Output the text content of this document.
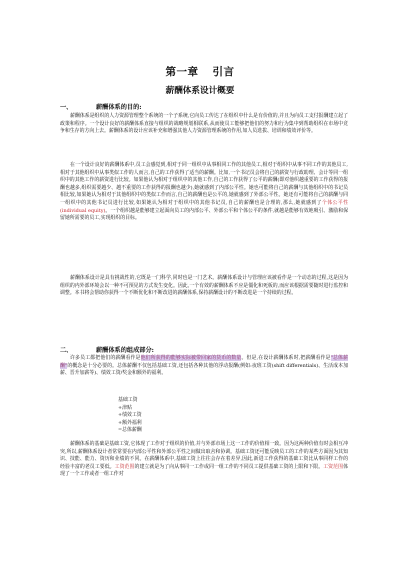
第一章 引言
薪酬体系设计概要
一、	薪酬体系的目的:

薪酬体系是组织的人力资源管理整个系统的一个子系统,它向员工传达了在组织中什么是有价值的,并且为向员工支付报酬建立起了政策和程序。一个设计良好的薪酬体系直接与组织的战略规划相联系,从而使员工能够把他们的努力和行为集中到帮助组织在市场中竞争和生存的方向上去。薪酬体系的设计应该补充和增强其他人力资源管理系统的作用,如人员选拔、培训和绩效评价等。

在一个设计良好的薪酬体系中,员工会感觉到,相对于同一组织中从事相同工作的其他员工,相对于组织中从事不同工作的其他员工,相对于其他组织中从事类似工作的人而言,自己的工作获得了适当的薪酬。比如,一个书记员会将自己的薪资与行政助理、会计等同一组织中的其他工作的薪资进行比较。如果他认为相对于组织中的其他工作,自己的工作获得了公平的薪酬(即对他织越重要的工作获得的报酬也越多,组织需要越少、越不重要的工作获得的报酬也越少),她就感到了内部公平性。她也可能将自己的薪酬与其他组织中的书记员相比较,如果她认为相对于其他组织中的类似工作而言,自己的薪酬也是公平的,她就感到了外部公平性。她还有可能将自己的薪酬与同一组织中的其他书记员进行比较,如果她认为相对于组织中的其他书记员,自己的薪酬也是合理的,那么,她就感到了个体公平性(individual equity)。一个组织越是能够建立起面向员工的内部公平、外部公平和个体公平的条件,就越是能够有效地吸引、激励和保留她所需要的员工,实现组织的目标。

薪酬体系设计是具有挑战性的,它既是一门科学,同时也是一门艺术。薪酬体系设计与管理应该被看作是一个动态的过程,这是因为组织的内外部环境会以一种不可预见的方式发生变化。因此,一个有效的薪酬体系不应是僵化和死板的,而应该根据需要随时进行监控和调整。本书将会帮助你获得一个不断优化和不断改进的薪酬体系,保持薪酬设计的不断改进是一个持续的过程。

二、	薪酬体系的组成部分:

许多员工都把他们的薪酬看作是他们所获得的能够实际被带回家的货币的数量。但是,在设计薪酬体系时,把薪酬看作是"总体薪酬"的概念是十分必要的。总体薪酬不仅包括基础工资,还包括各种其他的浮动报酬(例如:夜班工资(shift differentials)、生活成本加薪、晋升加薪等)、绩效工资/奖金和额外的福利。

基础工资
+津贴
+绩效工资
+额外福利
=总体薪酬

薪酬体系的基础是基础工资,它体现了工作对于组织的价值,并与外部市场上这一工作的价值相一致。因为这两种价值有时会相互冲突,所以,薪酬体系设计者常常要在内部公平性和外部公平性之间做出取舍和协调。基础工资还可能反映员工的工作的某些方面因为其知识、技能、能力、资历和业绩的不同。在薪酬体系中,基础工资上往往会存在着差异,因此,新进工作获得的基础工资比从事同样工作的经验丰富的老员工要低。工资范围的建立就是为了向从事同一工作或同一组工作的不同员工提供基础工资的上限和下限。工资范围体现了一个工作或者一组工作对
